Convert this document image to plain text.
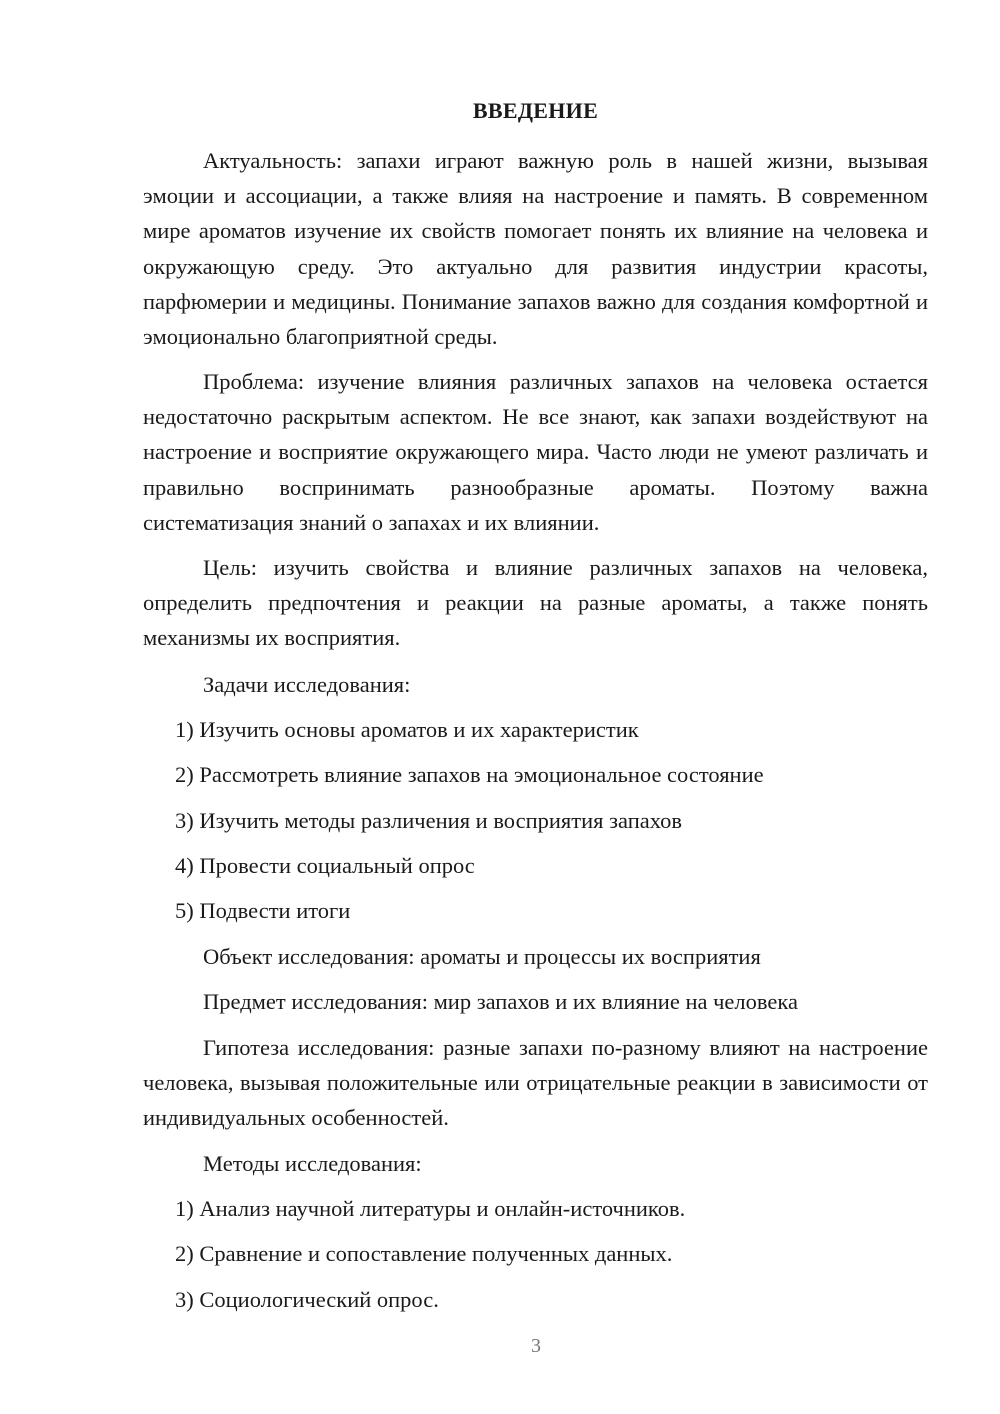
ВВЕДЕНИЕ

Актуальность: запахи играют важную роль в нашей жизни, вызывая эмоции и ассоциации, а также влияя на настроение и память. В современном мире ароматов изучение их свойств помогает понять их влияние на человека и окружающую среду. Это актуально для развития индустрии красоты, парфюмерии и медицины. Понимание запахов важно для создания комфортной и эмоционально благоприятной среды.

Проблема: изучение влияния различных запахов на человека остается недостаточно раскрытым аспектом. Не все знают, как запахи воздействуют на настроение и восприятие окружающего мира. Часто люди не умеют различать и правильно воспринимать разнообразные ароматы. Поэтому важна систематизация знаний о запахах и их влиянии.

Цель: изучить свойства и влияние различных запахов на человека, определить предпочтения и реакции на разные ароматы, а также понять механизмы их восприятия.

Задачи исследования:

1) Изучить основы ароматов и их характеристик

2) Рассмотреть влияние запахов на эмоциональное состояние

3) Изучить методы различения и восприятия запахов

4) Провести социальный опрос

5) Подвести итоги

Объект исследования: ароматы и процессы их восприятия

Предмет исследования: мир запахов и их влияние на человека

Гипотеза исследования: разные запахи по-разному влияют на настроение человека, вызывая положительные или отрицательные реакции в зависимости от индивидуальных особенностей.

Методы исследования:

1) Анализ научной литературы и онлайн-источников.

2) Сравнение и сопоставление полученных данных.

3) Социологический опрос.

3
